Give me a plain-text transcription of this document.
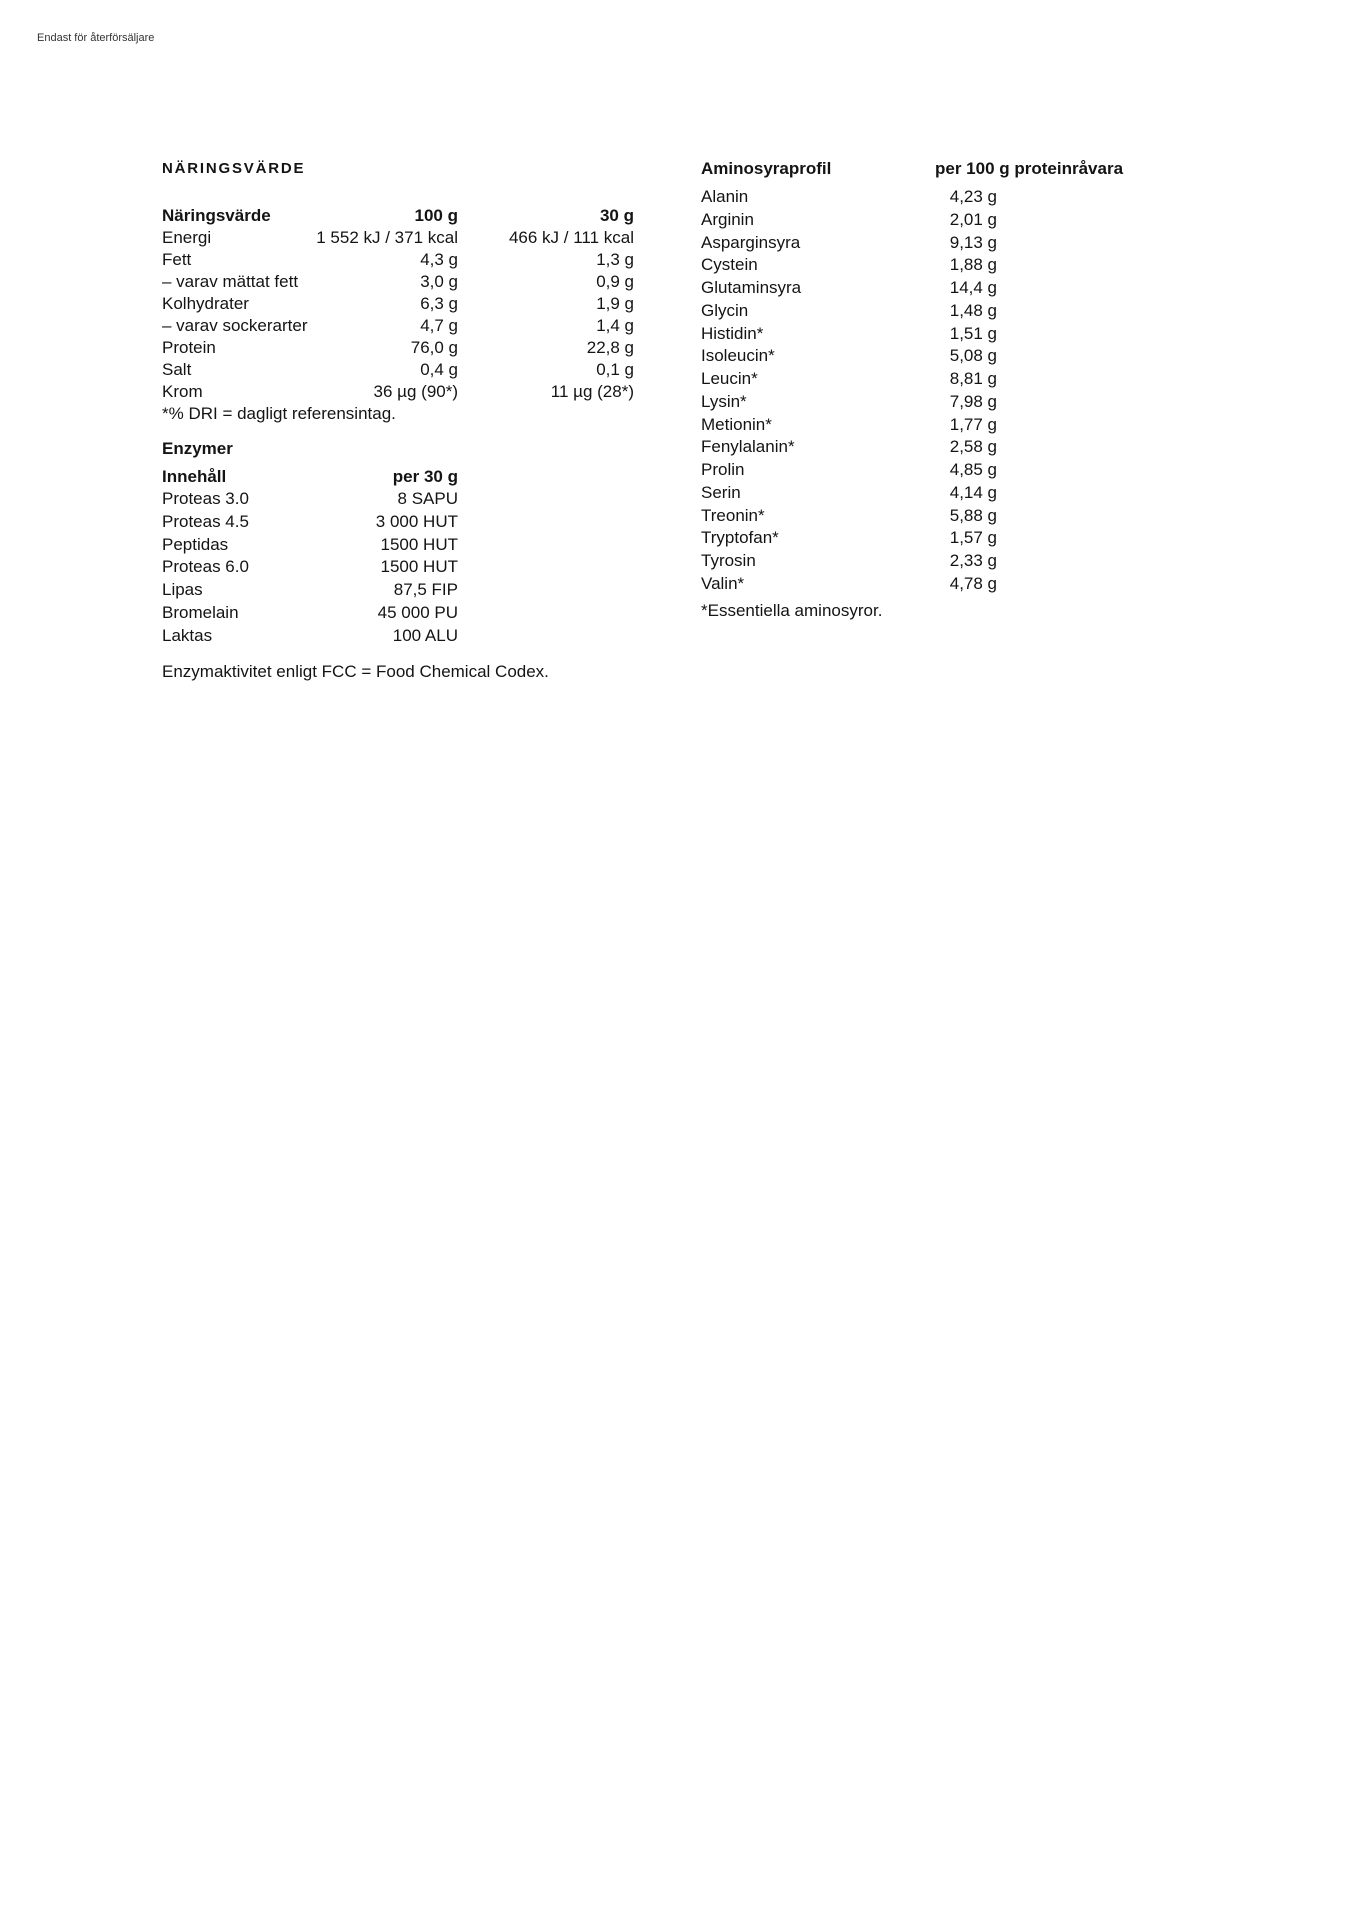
Endast för återförsäljare
NÄRINGSVÄRDE
Näringsvärde	100 g	30 g
Energi	1 552 kJ / 371 kcal	466 kJ / 111 kcal
Fett	4,3 g	1,3 g
– varav mättat fett	3,0 g	0,9 g
Kolhydrater	6,3 g	1,9 g
– varav sockerarter	4,7 g	1,4 g
Protein	76,0 g	22,8 g
Salt	0,4 g	0,1 g
Krom	36 µg (90*)	11 µg (28*)
*% DRI = dagligt referensintag.
Enzymer
Innehåll	per 30 g
Proteas 3.0	8 SAPU
Proteas 4.5	3 000 HUT
Peptidas	1500 HUT
Proteas 6.0	1500 HUT
Lipas	87,5 FIP
Bromelain	45 000 PU
Laktas	100 ALU
Enzymaktivitet enligt FCC = Food Chemical Codex.
Aminosyraprofil	per 100 g proteinråvara
Alanin	4,23 g
Arginin	2,01 g
Asparginsyra	9,13 g
Cystein	1,88 g
Glutaminsyra	14,4 g
Glycin	1,48 g
Histidin*	1,51 g
Isoleucin*	5,08 g
Leucin*	8,81 g
Lysin*	7,98 g
Metionin*	1,77 g
Fenylalanin*	2,58 g
Prolin	4,85 g
Serin	4,14 g
Treonin*	5,88 g
Tryptofan*	1,57 g
Tyrosin	2,33 g
Valin*	4,78 g
*Essentiella aminosyror.
